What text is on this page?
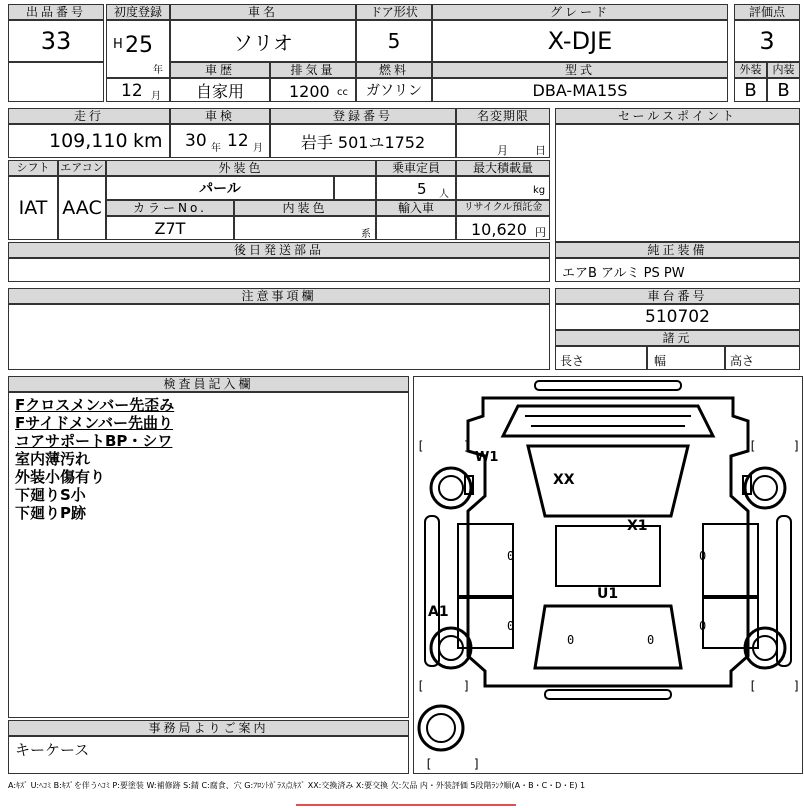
出品番号
33
初度登録
H 25
年
12 月
車名
ソリオ
ドア形状
5
グレード
X-DJE
評価点
3
車歴
自家用
排気量
1200 cc
燃料
ガソリン
型式
DBA-MA15S
外装	内装
B	B
走行
109,110 km
車検
30 年 12 月
登録番号
岩手 501ユ1752
名変期限
月 日
セールスポイント
シフト
IAT
エアコン
AAC
外装色
パール
乗車定員
5 人
最大積載量
kg
カラーNo.
Z7T
内装色
系
輸入車	リサイクル預託金
10,620 円
後日発送部品	純正装備
エアB アルミ PS PW
注意事項欄	車台番号
510702
諸元
長さ	幅	高さ
検査員記入欄
Fクロスメンバー先歪み
Fサイドメンバー先曲り
コアサポートBP・シワ
室内薄汚れ
外装小傷有り
下廻りS小
下廻りP跡
事務局よりご案内
キーケース
[	]	[	]
[	]	[	]
[	]
0
0
0
0
0	0
W1
XX
X1
U1
A1
A:ｷｽﾞ U:ﾍｺﾐ B:ｷｽﾞを伴うﾍｺﾐ P:要塗装 W:補修跡 S:錆 C:腐食、穴 G:ﾌﾛﾝﾄｶﾞﾗｽ点ｷｽﾞ XX:交換済み X:要交換 欠:欠品 内・外装評価 5段階ﾗﾝｸ順(A・B・C・D・E) 1
